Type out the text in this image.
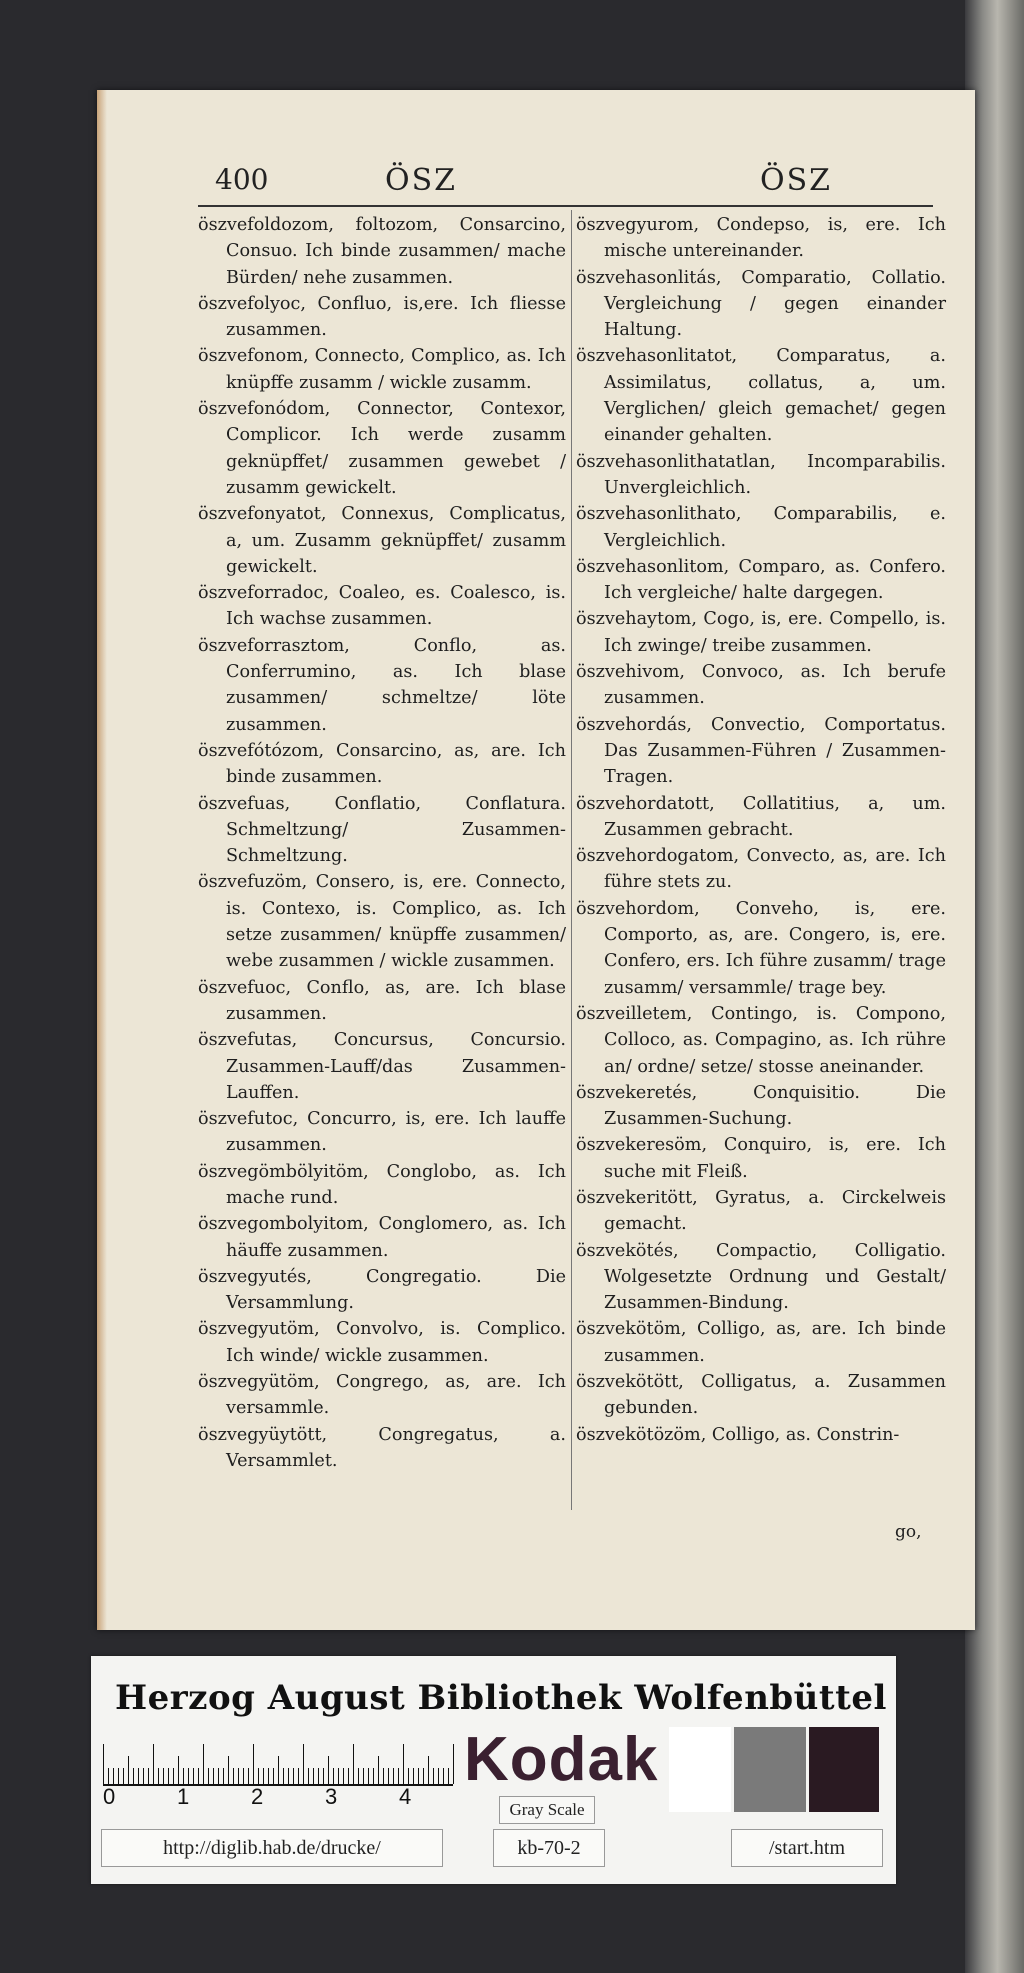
400	ÖSZ	ÖSZ

öszvefoldozom, foltozom, Consarcino, Consuo. Ich binde zusammen/ mache Bürden/ nehe zusammen.

öszvefolyoc, Confluo, is,ere. Ich fliesse zusammen.

öszvefonom, Connecto, Complico, as. Ich knüpffe zusamm / wickle zusamm.

öszvefonódom, Connector, Contexor, Complicor. Ich werde zusamm geknüpffet/ zusammen gewebet / zusamm gewickelt.

öszvefonyatot, Connexus, Complicatus, a, um. Zusamm geknüpffet/ zusamm gewickelt.

öszveforradoc, Coaleo, es. Coalesco, is. Ich wachse zusammen.

öszveforrasztom, Conflo, as. Conferrumino, as. Ich blase zusammen/ schmeltze/ löte zusammen.

öszvefótózom, Consarcino, as, are. Ich binde zusammen.

öszvefuas, Conflatio, Conflatura. Schmeltzung/ Zusammen-Schmeltzung.

öszvefuzöm, Consero, is, ere. Connecto, is. Contexo, is. Complico, as. Ich setze zusammen/ knüpffe zusammen/ webe zusammen / wickle zusammen.

öszvefuoc, Conflo, as, are. Ich blase zusammen.

öszvefutas, Concursus, Concursio. Zusammen-Lauff/das Zusammen-Lauffen.

öszvefutoc, Concurro, is, ere. Ich lauffe zusammen.

öszvegömbölyitöm, Conglobo, as. Ich mache rund.

öszvegombolyitom, Conglomero, as. Ich häuffe zusammen.

öszvegyutés, Congregatio. Die Versammlung.

öszvegyutöm, Convolvo, is. Complico. Ich winde/ wickle zusammen.

öszvegyütöm, Congrego, as, are. Ich versammle.

öszvegyüytött, Congregatus, a. Versammlet.

öszvegyurom, Condepso, is, ere. Ich mische untereinander.

öszvehasonlitás, Comparatio, Collatio. Vergleichung / gegen einander Haltung.

öszvehasonlitatot, Comparatus, a. Assimilatus, collatus, a, um. Verglichen/ gleich gemachet/ gegen einander gehalten.

öszvehasonlithatatlan, Incomparabilis. Unvergleichlich.

öszvehasonlithato, Comparabilis, e. Vergleichlich.

öszvehasonlitom, Comparo, as. Confero. Ich vergleiche/ halte dargegen.

öszvehaytom, Cogo, is, ere. Compello, is. Ich zwinge/ treibe zusammen.

öszvehivom, Convoco, as. Ich berufe zusammen.

öszvehordás, Convectio, Comportatus. Das Zusammen-Führen / Zusammen-Tragen.

öszvehordatott, Collatitius, a, um. Zusammen gebracht.

öszvehordogatom, Convecto, as, are. Ich führe stets zu.

öszvehordom, Conveho, is, ere. Comporto, as, are. Congero, is, ere. Confero, ers. Ich führe zusamm/ trage zusamm/ versammle/ trage bey.

öszveilletem, Contingo, is. Compono, Colloco, as. Compagino, as. Ich rühre an/ ordne/ setze/ stosse aneinander.

öszvekeretés, Conquisitio. Die Zusammen-Suchung.

öszvekeresöm, Conquiro, is, ere. Ich suche mit Fleiß.

öszvekeritött, Gyratus, a. Circkelweis gemacht.

öszvekötés, Compactio, Colligatio. Wolgesetzte Ordnung und Gestalt/ Zusammen-Bindung.

öszvekötöm, Colligo, as, are. Ich binde zusammen.

öszvekötött, Colligatus, a. Zusammen gebunden.

öszvekötözöm, Colligo, as. Constrin-

go,
Herzog August Bibliothek Wolfenbüttel
0	1	2	3	4
Kodak
Gray Scale
http://diglib.hab.de/drucke/	kb-70-2	/start.htm
